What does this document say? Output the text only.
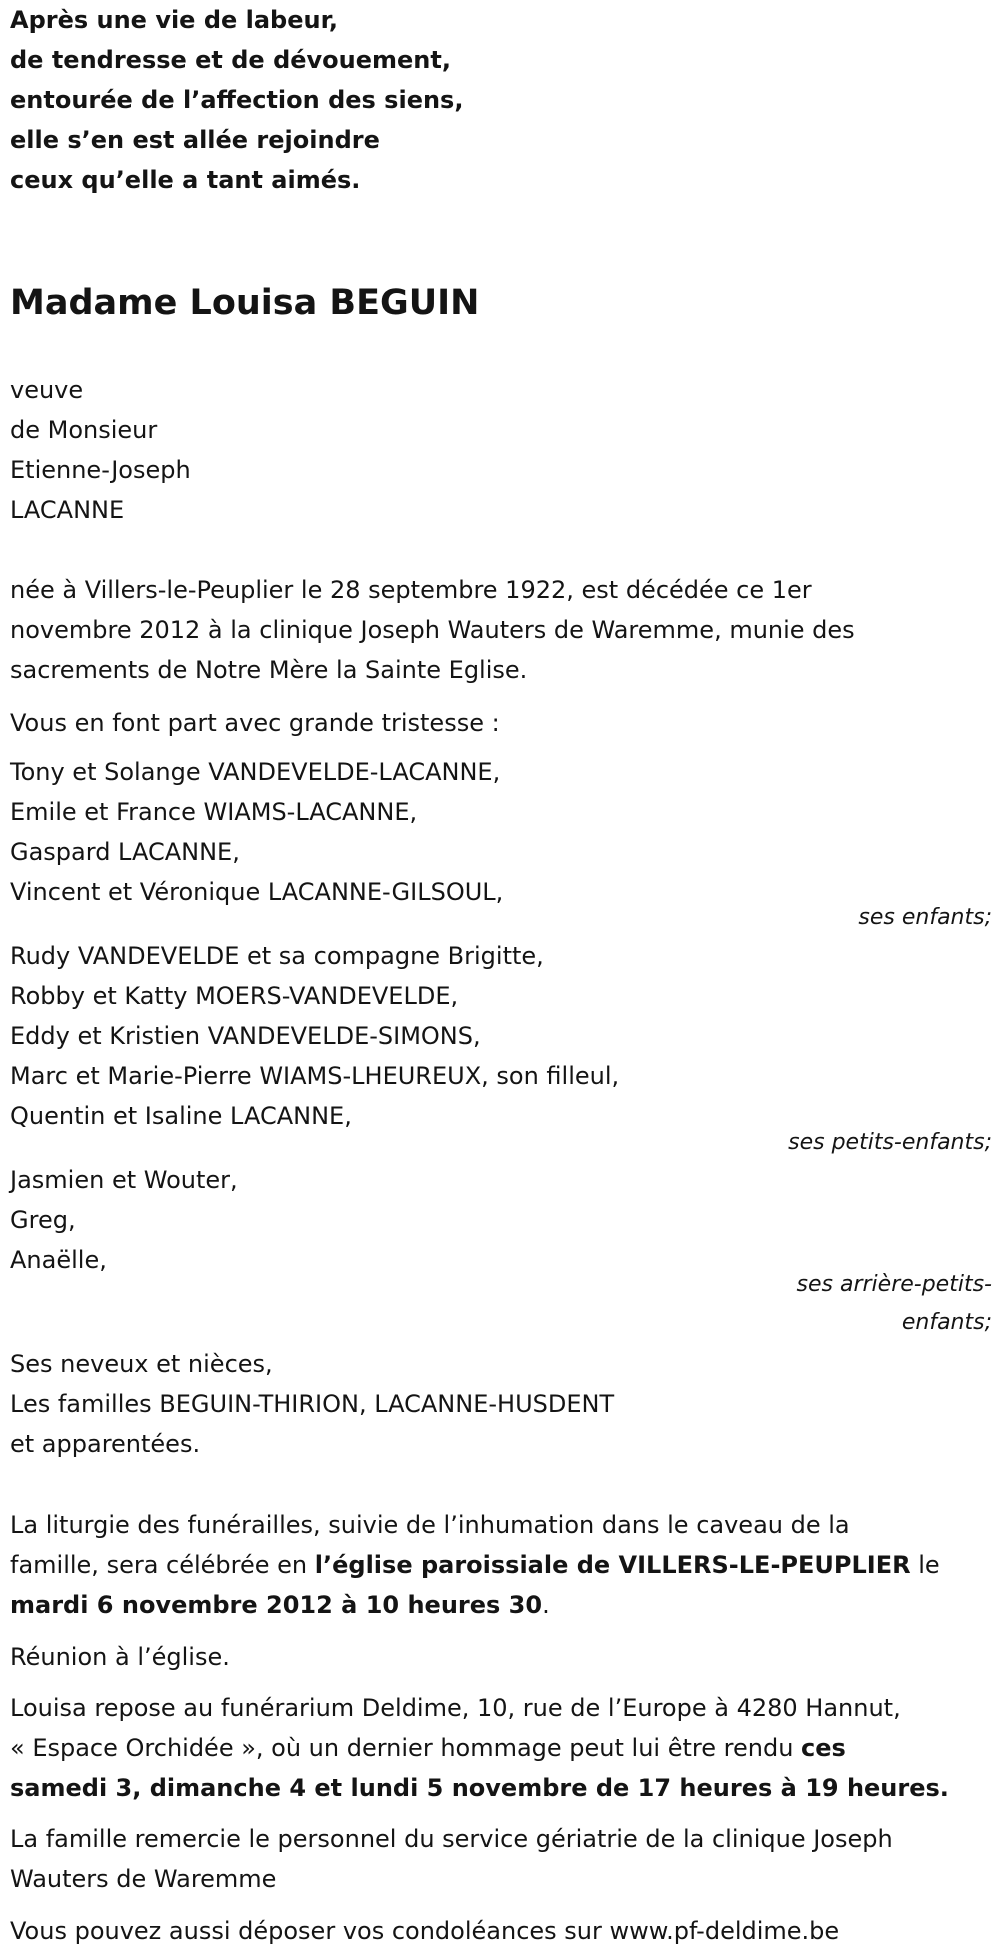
Après une vie de labeur,
de tendresse et de dévouement,
entourée de l’affection des siens,
elle s’en est allée rejoindre
ceux qu’elle a tant aimés.
Madame Louisa BEGUIN
veuve
de Monsieur
Etienne-Joseph
LACANNE
née à Villers-le-Peuplier le 28 septembre 1922, est décédée ce 1er
novembre 2012 à la clinique Joseph Wauters de Waremme, munie des
sacrements de Notre Mère la Sainte Eglise.
Vous en font part avec grande tristesse :
Tony et Solange VANDEVELDE-LACANNE,
Emile et France WIAMS-LACANNE,
Gaspard LACANNE,
Vincent et Véronique LACANNE-GILSOUL,
ses enfants;
Rudy VANDEVELDE et sa compagne Brigitte,
Robby et Katty MOERS-VANDEVELDE,
Eddy et Kristien VANDEVELDE-SIMONS,
Marc et Marie-Pierre WIAMS-LHEUREUX, son filleul,
Quentin et Isaline LACANNE,
ses petits-enfants;
Jasmien et Wouter,
Greg,
Anaëlle,
ses arrière-petits-
enfants;
Ses neveux et nièces,
Les familles BEGUIN-THIRION, LACANNE-HUSDENT
et apparentées.
La liturgie des funérailles, suivie de l’inhumation dans le caveau de la
famille, sera célébrée en l’église paroissiale de VILLERS-LE-PEUPLIER le
mardi 6 novembre 2012 à 10 heures 30.
Réunion à l’église.
Louisa repose au funérarium Deldime, 10, rue de l’Europe à 4280 Hannut,
« Espace Orchidée », où un dernier hommage peut lui être rendu ces
samedi 3, dimanche 4 et lundi 5 novembre de 17 heures à 19 heures.
La famille remercie le personnel du service gériatrie de la clinique Joseph
Wauters de Waremme
Vous pouvez aussi déposer vos condoléances sur www.pf-deldime.be
